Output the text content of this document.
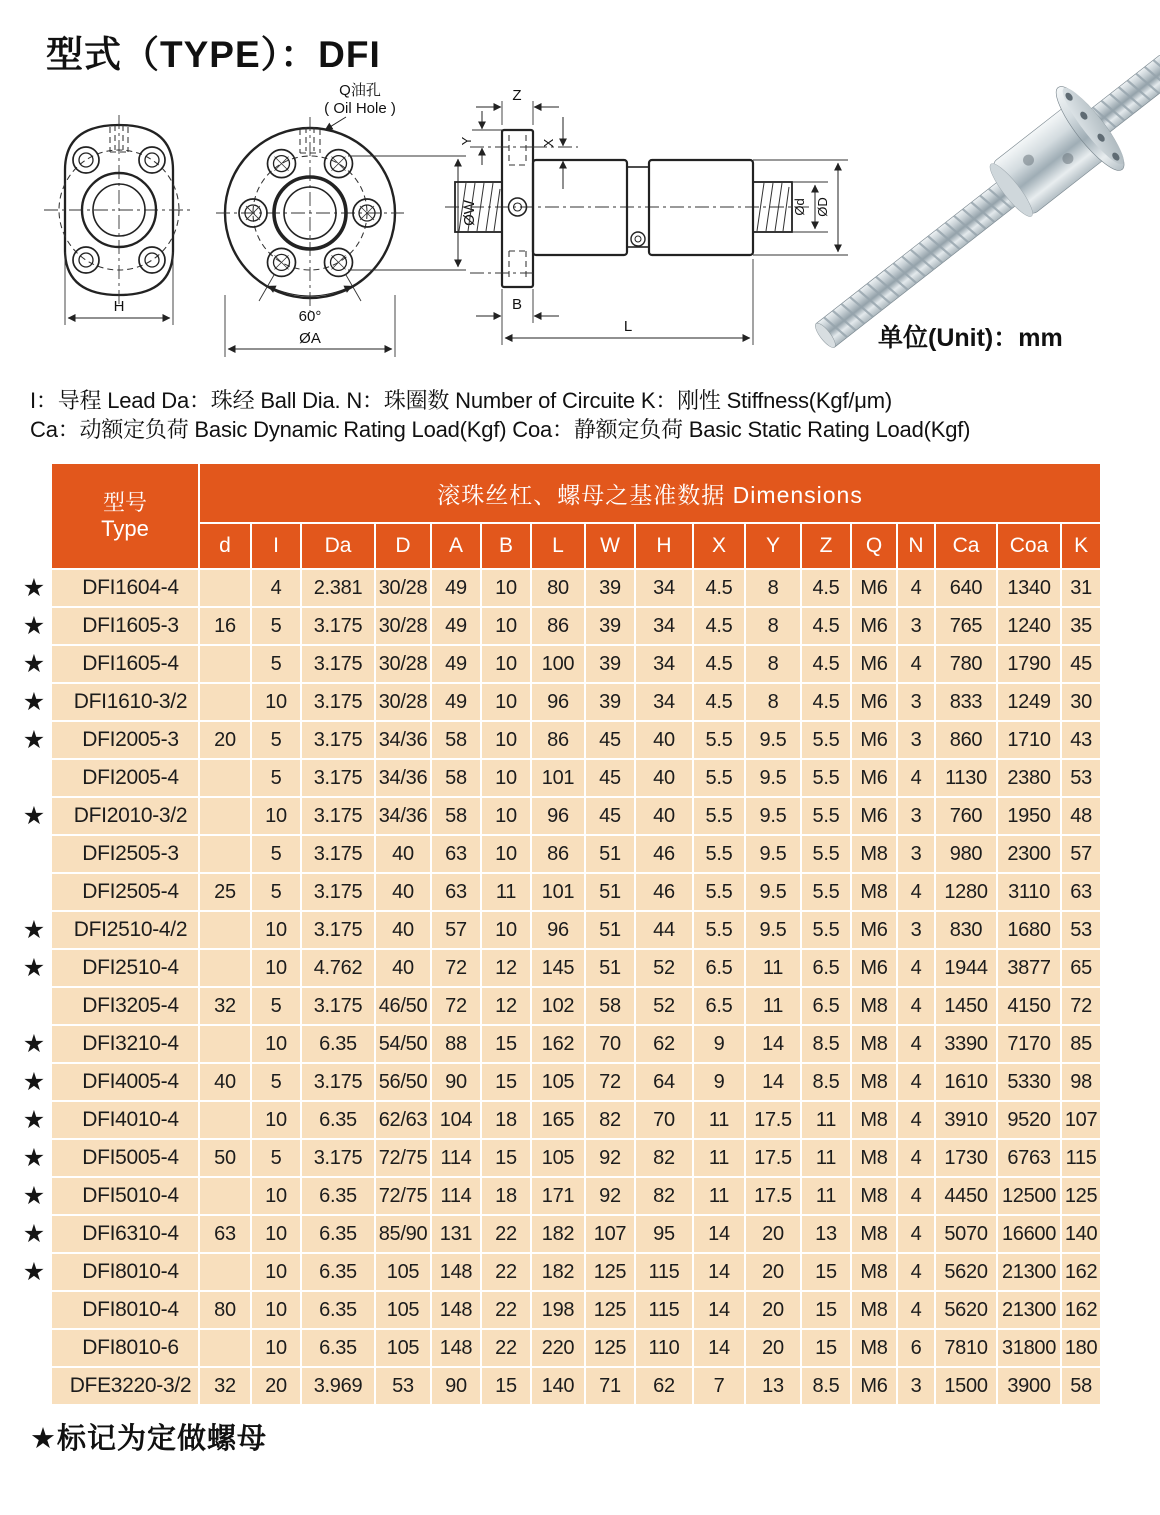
型式（TYPE）：DFI
H
Q油孔
( Oil Hole )
ØW
ØA
60°
Z
Y	X
B
L
Ød ØD
单位(Unit)：mm
I：导程 Lead Da：珠经 Ball Dia. N：珠圈数 Number of Circuite K：刚性 Stiffness(Kgf/μm)
Ca：动额定负荷 Basic Dynamic Rating Load(Kgf) Coa：静额定负荷 Basic Static Rating Load(Kgf)

	型号
Type	滚珠丝杠、螺母之基准数据 Dimensions																
		d	I	Da	D	A	B	L	W	H	X	Y	Z	Q	N	Ca	Coa	K
★	DFI1604-4		4	2.381	30/28	49	10	80	39	34	4.5	8	4.5	M6	4	640	1340	31
★	DFI1605-3	16	5	3.175	30/28	49	10	86	39	34	4.5	8	4.5	M6	3	765	1240	35
★	DFI1605-4		5	3.175	30/28	49	10	100	39	34	4.5	8	4.5	M6	4	780	1790	45
★	DFI1610-3/2		10	3.175	30/28	49	10	96	39	34	4.5	8	4.5	M6	3	833	1249	30
★	DFI2005-3	20	5	3.175	34/36	58	10	86	45	40	5.5	9.5	5.5	M6	3	860	1710	43
	DFI2005-4		5	3.175	34/36	58	10	101	45	40	5.5	9.5	5.5	M6	4	1130	2380	53
★	DFI2010-3/2		10	3.175	34/36	58	10	96	45	40	5.5	9.5	5.5	M6	3	760	1950	48
	DFI2505-3		5	3.175	40	63	10	86	51	46	5.5	9.5	5.5	M8	3	980	2300	57
	DFI2505-4	25	5	3.175	40	63	11	101	51	46	5.5	9.5	5.5	M8	4	1280	3110	63
★	DFI2510-4/2		10	3.175	40	57	10	96	51	44	5.5	9.5	5.5	M6	3	830	1680	53
★	DFI2510-4		10	4.762	40	72	12	145	51	52	6.5	11	6.5	M6	4	1944	3877	65
	DFI3205-4	32	5	3.175	46/50	72	12	102	58	52	6.5	11	6.5	M8	4	1450	4150	72
★	DFI3210-4		10	6.35	54/50	88	15	162	70	62	9	14	8.5	M8	4	3390	7170	85
★	DFI4005-4	40	5	3.175	56/50	90	15	105	72	64	9	14	8.5	M8	4	1610	5330	98
★	DFI4010-4		10	6.35	62/63	104	18	165	82	70	11	17.5	11	M8	4	3910	9520	107
★	DFI5005-4	50	5	3.175	72/75	114	15	105	92	82	11	17.5	11	M8	4	1730	6763	115
★	DFI5010-4		10	6.35	72/75	114	18	171	92	82	11	17.5	11	M8	4	4450	12500	125
★	DFI6310-4	63	10	6.35	85/90	131	22	182	107	95	14	20	13	M8	4	5070	16600	140
★	DFI8010-4		10	6.35	105	148	22	182	125	115	14	20	15	M8	4	5620	21300	162
	DFI8010-4	80	10	6.35	105	148	22	198	125	115	14	20	15	M8	4	5620	21300	162
	DFI8010-6		10	6.35	105	148	22	220	125	110	14	20	15	M8	6	7810	31800	180
	DFE3220-3/2	32	20	3.969	53	90	15	140	71	62	7	13	8.5	M6	3	1500	3900	58
★标记为定做螺母
